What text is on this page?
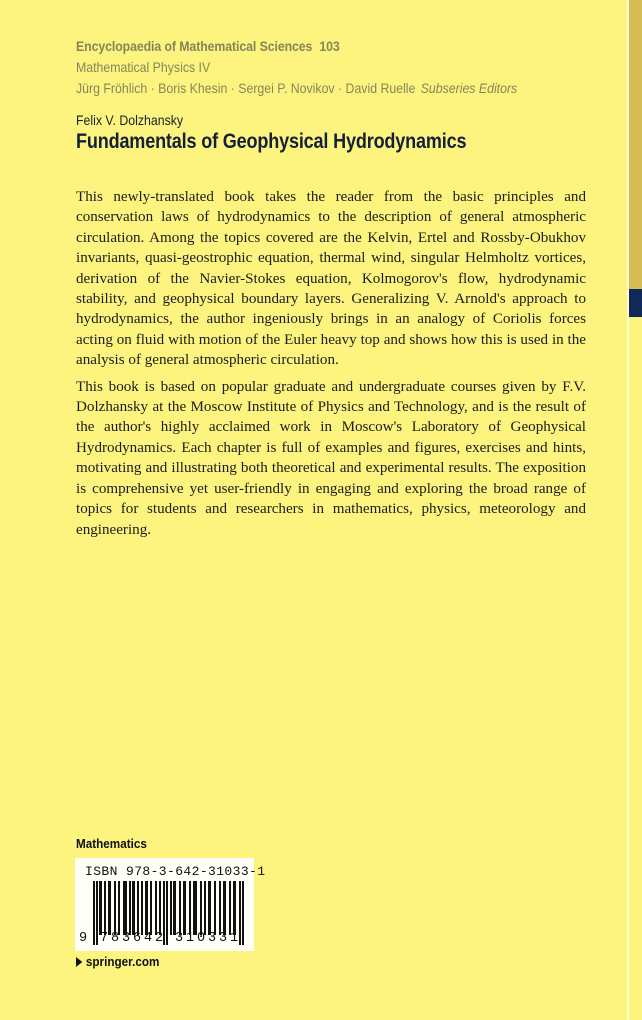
Encyclopaedia of Mathematical Sciences 103
Mathematical Physics IV
Jürg Fröhlich · Boris Khesin · Sergei P. Novikov · David Ruelle Subseries Editors
Felix V. Dolzhansky
Fundamentals of Geophysical Hydrodynamics

This newly-translated book takes the reader from the basic principles and conservation laws of hydrodynamics to the description of general atmospheric circulation. Among the topics covered are the Kelvin, Ertel and Rossby-Obukhov invariants, quasi-geostrophic equation, thermal wind, singular Helmholtz vortices, derivation of the Navier-Stokes equation, Kolmogorov's flow, hydrodynamic stability, and geophysical boundary layers. Generalizing V. Arnold's approach to hydrodynamics, the author ingeniously brings in an analogy of Coriolis forces acting on fluid with motion of the Euler heavy top and shows how this is used in the analysis of general atmospheric circulation.

This book is based on popular graduate and undergraduate courses given by F.V. Dolzhansky at the Moscow Institute of Physics and Technology, and is the result of the author's highly acclaimed work in Moscow's Laboratory of Geophysical Hydrodynamics. Each chapter is full of examples and figures, exercises and hints, motivating and illustrating both theoretical and experimental results. The exposition is comprehensive yet user-friendly in engaging and exploring the broad range of topics for students and researchers in mathematics, physics, meteorology and engineering.

Mathematics
ISBN 978-3-642-31033-1
9 7 8 3 6 4 2 3 1 0 3 3 1
springer.com
